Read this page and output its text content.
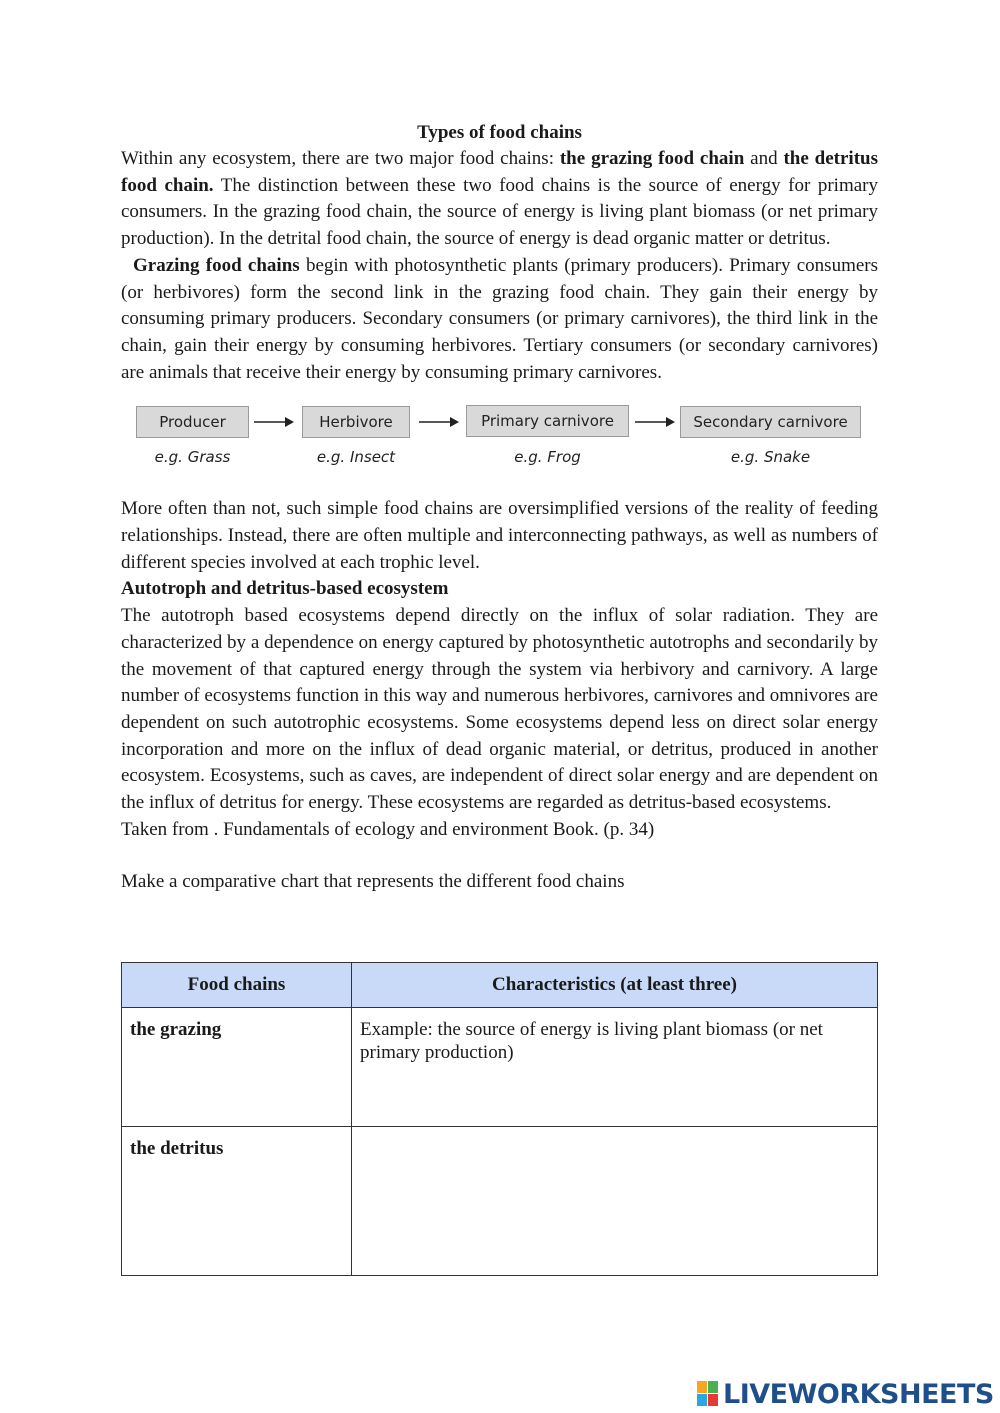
Types of food chains

Within any ecosystem, there are two major food chains: the grazing food chain and the detritus food chain. The distinction between these two food chains is the source of energy for primary consumers. In the grazing food chain, the source of energy is living plant biomass (or net primary production). In the detrital food chain, the source of energy is dead organic matter or detritus.

Grazing food chains begin with photosynthetic plants (primary producers). Primary consumers (or herbivores) form the second link in the grazing food chain. They gain their energy by consuming primary producers. Secondary consumers (or primary carnivores), the third link in the chain, gain their energy by consuming herbivores. Tertiary consumers (or secondary carnivores) are animals that receive their energy by consuming primary carnivores.

Producer
e.g. Grass
Herbivore
e.g. Insect
Primary carnivore
e.g. Frog
Secondary carnivore
e.g. Snake

More often than not, such simple food chains are oversimplified versions of the reality of feeding relationships. Instead, there are often multiple and interconnecting pathways, as well as numbers of different species involved at each trophic level.

Autotroph and detritus-based ecosystem

The autotroph based ecosystems depend directly on the influx of solar radiation. They are characterized by a dependence on energy captured by photosynthetic autotrophs and secondarily by the movement of that captured energy through the system via herbivory and carnivory. A large number of ecosystems function in this way and numerous herbivores, carnivores and omnivores are dependent on such autotrophic ecosystems. Some ecosystems depend less on direct solar energy incorporation and more on the influx of dead organic material, or detritus, produced in another ecosystem. Ecosystems, such as caves, are independent of direct solar energy and are dependent on the influx of detritus for energy. These ecosystems are regarded as detritus-based ecosystems.

Taken from . Fundamentals of ecology and environment Book. (p. 34)

Make a comparative chart that represents the different food chains

Food chains	Characteristics (at least three)
the grazing	Example: the source of energy is living plant biomass (or net primary production)
the detritus	
LIVEWORKSHEETS
